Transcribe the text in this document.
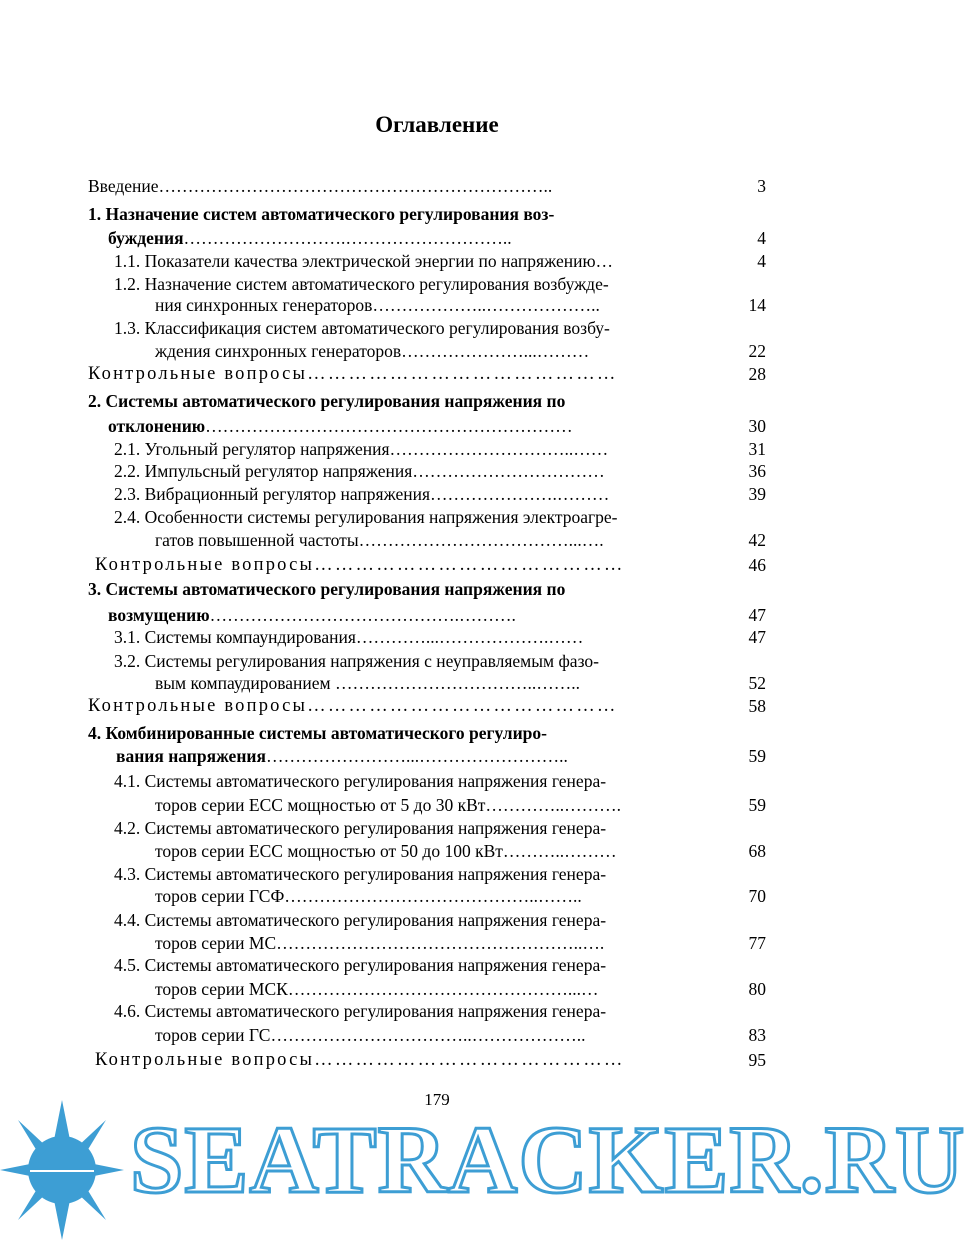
Оглавление
Введение…………………………………………………………..	3
1. Назначение систем автоматического регулирования воз-
буждения……………………….………………………..	4
1.1. Показатели качества электрической энергии по напряжению…	4
1.2. Назначение систем автоматического регулирования возбужде-
ния синхронных генераторов………………..………………..	14
1.3. Классификация систем автоматического регулирования возбу-
ждения синхронных генераторов…………………...………	22
Контрольные вопросы………………………………………	28
2. Системы автоматического регулирования напряжения по
отклонению………………………………………………………	30
2.1. Угольный регулятор напряжения…………………………..……	31
2.2. Импульсный регулятор напряжения……………………………	36
2.3. Вибрационный регулятор напряжения………………….………	39
2.4. Особенности системы регулирования напряжения электроагре-
гатов повышенной частоты………………………………...….	42
Контрольные вопросы………………………………………	46
3. Системы автоматического регулирования напряжения по
возмущению…………………………………….……….	47
3.1. Системы компаундирования…………...……………….……	47
3.2. Системы регулирования напряжения с неуправляемым фазо-
вым компаудированием ……………………………..……..	52
Контрольные вопросы………………………………………	58
4. Комбинированные системы автоматического регулиро-
вания напряжения……………………...……………………..	59
4.1. Системы автоматического регулирования напряжения генера-
торов серии ЕСС мощностью от 5 до 30 кВт…………..……….	59
4.2. Системы автоматического регулирования напряжения генера-
торов серии ЕСС мощностью от 50 до 100 кВт………..………	68
4.3. Системы автоматического регулирования напряжения генера-
торов серии ГСФ……………………………………..……..	70
4.4. Системы автоматического регулирования напряжения генера-
торов серии МС……………………………………………..….	77
4.5. Системы автоматического регулирования напряжения генера-
торов серии МСК…………………………………………...…	80
4.6. Системы автоматического регулирования напряжения генера-
торов серии ГС……………………………..………………..	83
Контрольные вопросы………………………………………	95
179
SEATRACKER.RU
